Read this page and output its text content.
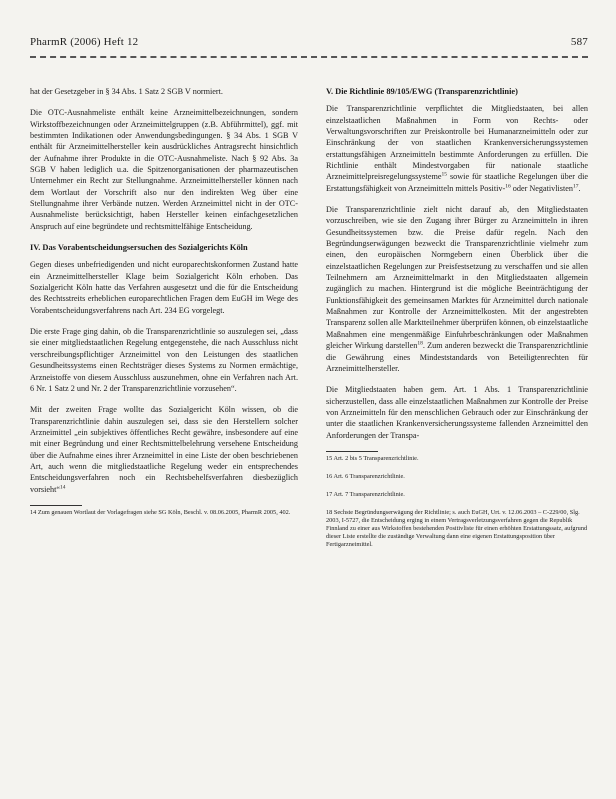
PharmR (2006) Heft 12	587

hat der Gesetzgeber in § 34 Abs. 1 Satz 2 SGB V normiert.

Die OTC-Ausnahmeliste enthält keine Arzneimittelbezeichnungen, sondern Wirkstoffbezeichnungen oder Arzneimittelgruppen (z.B. Abführmittel), ggf. mit bestimmten Indikationen oder Anwendungsbedingungen. § 34 Abs. 1 SGB V enthält für Arzneimittelhersteller kein ausdrückliches Antragsrecht hinsichtlich der Aufnahme ihrer Produkte in die OTC-Ausnahmeliste. Nach § 92 Abs. 3a SGB V haben lediglich u.a. die Spitzenorganisationen der pharmazeutischen Unternehmer ein Recht zur Stellungnahme. Arzneimittelhersteller können nach dem Wortlaut der Vorschrift also nur den indirekten Weg über eine Stellungnahme ihrer Verbände nutzen. Werden Arzneimittel nicht in der OTC-Ausnahmeliste berücksichtigt, haben Hersteller keinen einfachgesetzlichen Anspruch auf eine begründete und rechtsmittelfähige Entscheidung.

IV. Das Vorabentscheidungsersuchen des Sozialgerichts Köln

Gegen dieses unbefriedigenden und nicht europarechtskonformen Zustand hatte ein Arzneimittelhersteller Klage beim Sozialgericht Köln erhoben. Das Sozialgericht Köln hatte das Verfahren ausgesetzt und die für die Entscheidung des Rechtsstreits erheblichen europarechtlichen Fragen dem EuGH im Wege des Vorabentscheidungsverfahrens nach Art. 234 EG vorgelegt.

Die erste Frage ging dahin, ob die Transparenzrichtlinie so auszulegen sei, „dass sie einer mitgliedstaatlichen Regelung entgegenstehe, die nach Ausschluss nicht verschreibungspflichtiger Arzneimittel von den Leistungen des staatlichen Gesundheitssystems einen Rechtsträger dieses Systems zu Normen ermächtige, Arzneistoffe von diesem Ausschluss auszunehmen, ohne ein Verfahren nach Art. 6 Nr. 1 Satz 2 und Nr. 2 der Transparenzrichtlinie vorzusehen“.

Mit der zweiten Frage wollte das Sozialgericht Köln wissen, ob die Transparenzrichtlinie dahin auszulegen sei, dass sie den Herstellern solcher Arzneimittel „ein subjektives öffentliches Recht gewähre, insbesondere auf eine mit einer Begründung und einer Rechtsmittelbelehrung versehene Entscheidung über die Aufnahme eines ihrer Arzneimittel in eine Liste der oben beschriebenen Art, auch wenn die mitgliedstaatliche Regelung weder ein entsprechendes Entscheidungsverfahren noch ein Rechtsbehelfsverfahren diesbezüglich vorsieht“$^{14}$

14 Zum genauen Wortlaut der Vorlagefragen siehe SG Köln, Beschl. v. 08.06.2005, PharmR 2005, 402.

V. Die Richtlinie 89/105/EWG (Transparenzrichtlinie)

Die Transparenzrichtlinie verpflichtet die Mitgliedstaaten, bei allen einzelstaatlichen Maßnahmen in Form von Rechts- oder Verwaltungsvorschriften zur Preiskontrolle bei Humanarzneimitteln oder zur Einschränkung der von staatlichen Krankenversicherungssystemen erstattungsfähigen Arzneimitteln bestimmte Anforderungen zu erfüllen. Die Richtlinie enthält Mindestvorgaben für nationale staatliche Arzneimittelpreisregelungssysteme$^{15}$ sowie für staatliche Regelungen über die Erstattungsfähigkeit von Arzneimitteln mittels Positiv-$^{16}$ oder Negativlisten$^{17}$.

Die Transparenzrichtlinie zielt nicht darauf ab, den Mitgliedstaaten vorzuschreiben, wie sie den Zugang ihrer Bürger zu Arzneimitteln in ihren Gesundheitssystemen bzw. die Preise dafür regeln. Nach den Begründungserwägungen bezweckt die Transparenzrichtlinie vielmehr zum einen, den europäischen Normgebern einen Überblick über die einzelstaatlichen Regelungen zur Preisfestsetzung zu verschaffen und sie allen Teilnehmern am Arzneimittelmarkt in den Mitgliedstaaten allgemein zugänglich zu machen. Hintergrund ist die mögliche Beeinträchtigung der Funktionsfähigkeit des gemeinsamen Marktes für Arzneimittel durch nationale Maßnahmen zur Kontrolle der Arzneimittelkosten. Mit der angestrebten Transparenz sollen alle Marktteilnehmer überprüfen können, ob einzelstaatliche Maßnahmen eine mengenmäßige Einfuhrbeschränkungen oder Maßnahmen gleicher Wirkung darstellen$^{18}$. Zum anderen bezweckt die Transparenzrichtlinie die Gewährung eines Mindeststandards von Beteiligtenrechten für Arzneimittelhersteller.

Die Mitgliedstaaten haben gem. Art. 1 Abs. 1 Transparenzrichtlinie sicherzustellen, dass alle einzelstaatlichen Maßnahmen zur Kontrolle der Preise von Arzneimitteln für den menschlichen Gebrauch oder zur Einschränkung der unter die staatlichen Krankenversicherungssysteme fallenden Arzneimittel den Anforderungen der Transpa-

15 Art. 2 bis 5 Transparenzrichtlinie.

16 Art. 6 Transparenzrichtlinie.

17 Art. 7 Transparenzrichtlinie.

18 Sechste Begründungserwägung der Richtlinie; s. auch EuGH, Urt. v. 12.06.2003 – C-229/00, Slg. 2003, I-5727, die Entscheidung erging in einem Vertragsverletzungsverfahren gegen die Republik Finnland zu einer aus Wirkstoffen bestehenden Positivliste für einen erhöhten Erstattungssatz, aufgrund dieser Liste erstellte die zuständige Verwaltung dann eine eigenen Erstattungsposition über Fertigarzneimittel.
